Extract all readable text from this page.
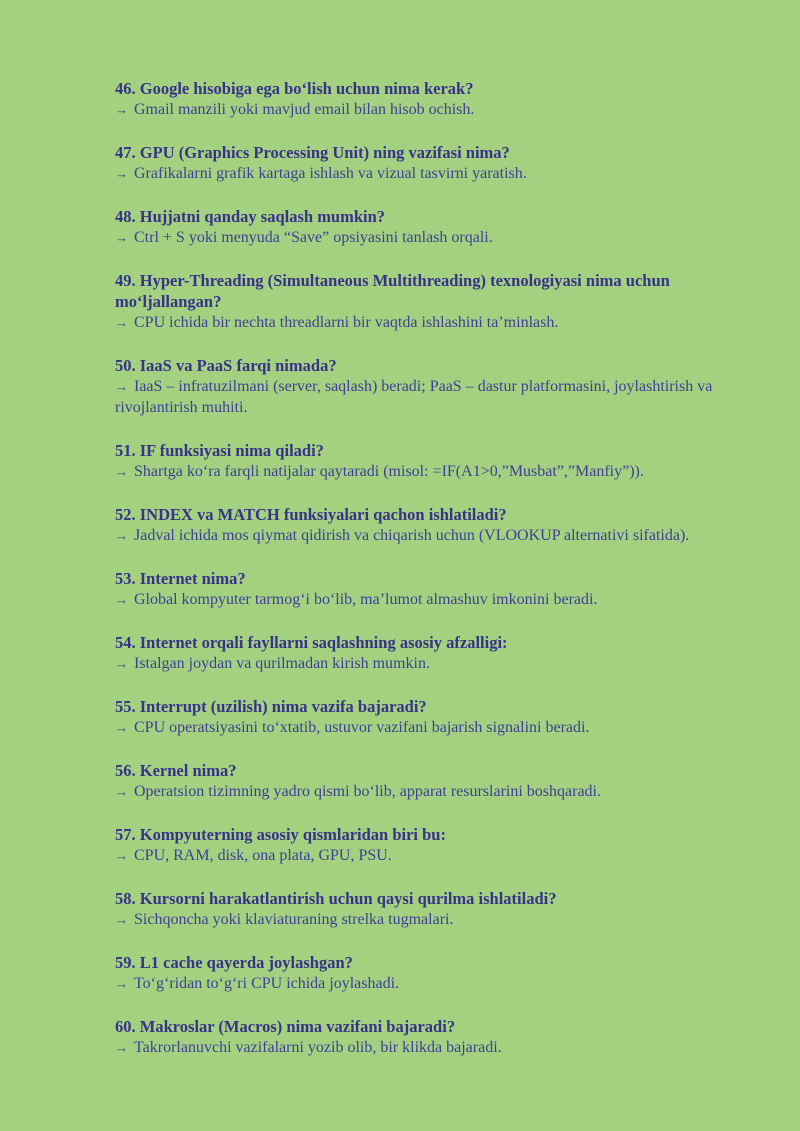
46. Google hisobiga ega bo‘lish uchun nima kerak?

→ Gmail manzili yoki mavjud email bilan hisob ochish.

47. GPU (Graphics Processing Unit) ning vazifasi nima?

→ Grafikalarni grafik kartaga ishlash va vizual tasvirni yaratish.

48. Hujjatni qanday saqlash mumkin?

→ Ctrl + S yoki menyuda “Save” opsiyasini tanlash orqali.

49. Hyper-Threading (Simultaneous Multithreading) texnologiyasi nima uchun mo‘ljallangan?

→ CPU ichida bir nechta threadlarni bir vaqtda ishlashini ta’minlash.

50. IaaS va PaaS farqi nimada?

→ IaaS – infratuzilmani (server, saqlash) beradi; PaaS – dastur platformasini, joylashtirish va rivojlantirish muhiti.

51. IF funksiyasi nima qiladi?

→ Shartga ko‘ra farqli natijalar qaytaradi (misol: =IF(A1>0,”Musbat”,”Manfiy”)).

52. INDEX va MATCH funksiyalari qachon ishlatiladi?

→ Jadval ichida mos qiymat qidirish va chiqarish uchun (VLOOKUP alternativi sifatida).

53. Internet nima?

→ Global kompyuter tarmog‘i bo‘lib, ma’lumot almashuv imkonini beradi.

54. Internet orqali fayllarni saqlashning asosiy afzalligi:

→ Istalgan joydan va qurilmadan kirish mumkin.

55. Interrupt (uzilish) nima vazifa bajaradi?

→ CPU operatsiyasini to‘xtatib, ustuvor vazifani bajarish signalini beradi.

56. Kernel nima?

→ Operatsion tizimning yadro qismi bo‘lib, apparat resurslarini boshqaradi.

57. Kompyuterning asosiy qismlaridan biri bu:

→ CPU, RAM, disk, ona plata, GPU, PSU.

58. Kursorni harakatlantirish uchun qaysi qurilma ishlatiladi?

→ Sichqoncha yoki klaviaturaning strelka tugmalari.

59. L1 cache qayerda joylashgan?

→ To‘g‘ridan to‘g‘ri CPU ichida joylashadi.

60. Makroslar (Macros) nima vazifani bajaradi?

→ Takrorlanuvchi vazifalarni yozib olib, bir klikda bajaradi.
